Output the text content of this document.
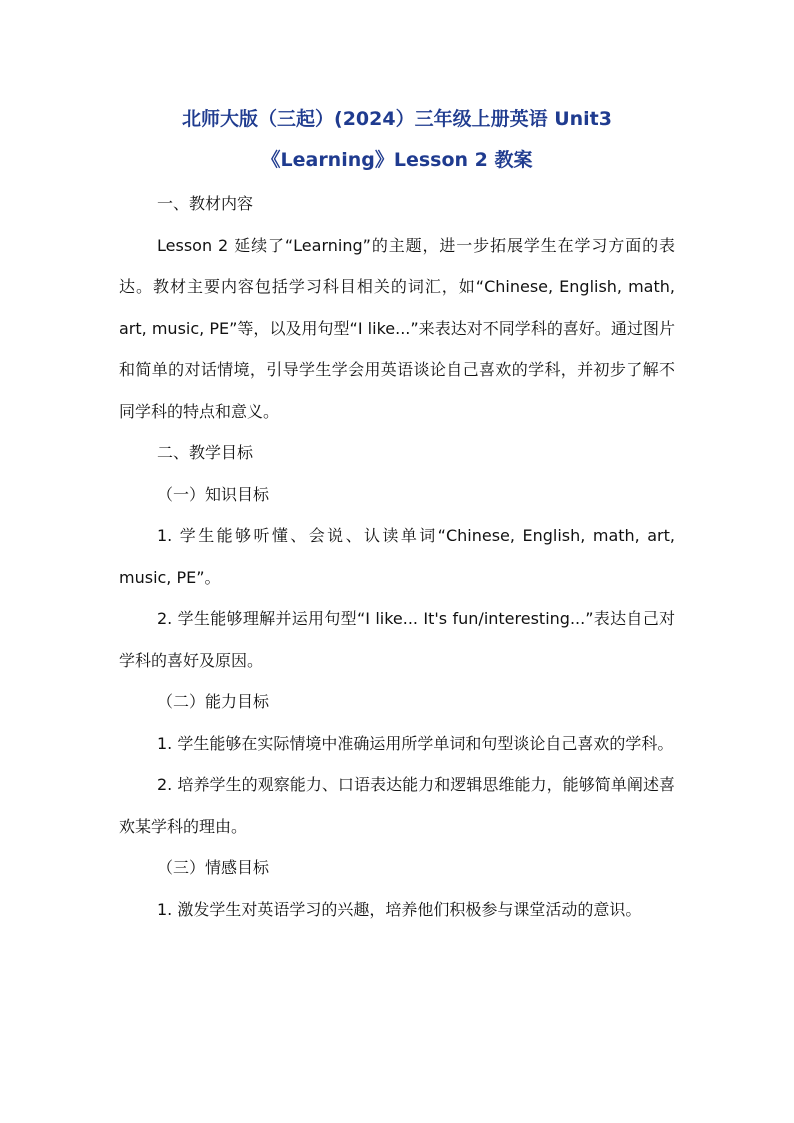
北师大版（三起）(2024）三年级上册英语 Unit3
《Learning》Lesson 2 教案

一、教材内容

Lesson 2 延续了“Learning”的主题，进一步拓展学生在学习方面的表达。教材主要内容包括学习科目相关的词汇，如“Chinese, English, math, art, music, PE”等，以及用句型“I like...”来表达对不同学科的喜好。通过图片和简单的对话情境，引导学生学会用英语谈论自己喜欢的学科，并初步了解不同学科的特点和意义。

二、教学目标

（一）知识目标

1. 学生能够听懂、会说、认读单词“Chinese, English, math, art, music, PE”。

2. 学生能够理解并运用句型“I like... It's fun/interesting...”表达自己对学科的喜好及原因。

（二）能力目标

1. 学生能够在实际情境中准确运用所学单词和句型谈论自己喜欢的学科。

2. 培养学生的观察能力、口语表达能力和逻辑思维能力，能够简单阐述喜欢某学科的理由。

（三）情感目标

1. 激发学生对英语学习的兴趣，培养他们积极参与课堂活动的意识。
